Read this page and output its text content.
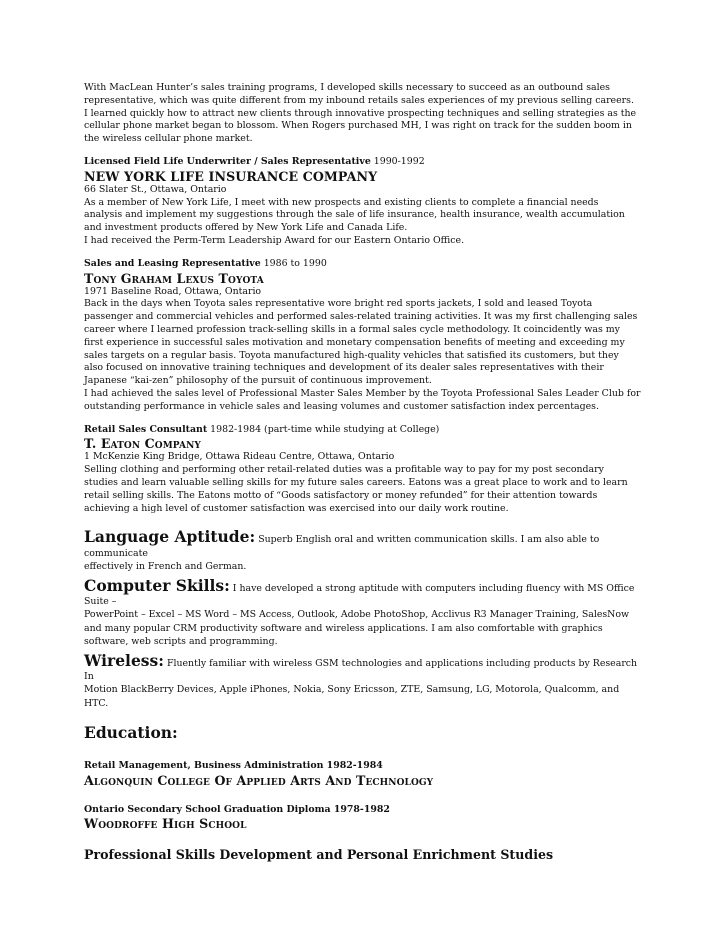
With MacLean Hunter’s sales training programs, I developed skills necessary to succeed as an outbound sales

representative, which was quite different from my inbound retails sales experiences of my previous selling careers.

I learned quickly how to attract new clients through innovative prospecting techniques and selling strategies as the

cellular phone market began to blossom. When Rogers purchased MH, I was right on track for the sudden boom in

the wireless cellular phone market.

Licensed Field Life Underwriter / Sales Representative 1990-1992

NEW YORK LIFE INSURANCE COMPANY

66 Slater St., Ottawa, Ontario

As a member of New York Life, I meet with new prospects and existing clients to complete a financial needs

analysis and implement my suggestions through the sale of life insurance, health insurance, wealth accumulation

and investment products offered by New York Life and Canada Life.

I had received the Perm-Term Leadership Award for our Eastern Ontario Office.

Sales and Leasing Representative 1986 to 1990

Tony Graham Lexus Toyota

1971 Baseline Road, Ottawa, Ontario

Back in the days when Toyota sales representative wore bright red sports jackets, I sold and leased Toyota

passenger and commercial vehicles and performed sales-related training activities. It was my first challenging sales

career where I learned profession track-selling skills in a formal sales cycle methodology. It coincidently was my

first experience in successful sales motivation and monetary compensation benefits of meeting and exceeding my

sales targets on a regular basis. Toyota manufactured high-quality vehicles that satisfied its customers, but they

also focused on innovative training techniques and development of its dealer sales representatives with their

Japanese “kai-zen” philosophy of the pursuit of continuous improvement.

I had achieved the sales level of Professional Master Sales Member by the Toyota Professional Sales Leader Club for

outstanding performance in vehicle sales and leasing volumes and customer satisfaction index percentages.

Retail Sales Consultant 1982-1984 (part-time while studying at College)

T. Eaton Company

1 McKenzie King Bridge, Ottawa Rideau Centre, Ottawa, Ontario

Selling clothing and performing other retail-related duties was a profitable way to pay for my post secondary

studies and learn valuable selling skills for my future sales careers. Eatons was a great place to work and to learn

retail selling skills. The Eatons motto of “Goods satisfactory or money refunded” for their attention towards

achieving a high level of customer satisfaction was exercised into our daily work routine.

Language Aptitude: Superb English oral and written communication skills. I am also able to communicate

effectively in French and German.

Computer Skills: I have developed a strong aptitude with computers including fluency with MS Office Suite –

PowerPoint – Excel – MS Word – MS Access, Outlook, Adobe PhotoShop, Acclivus R3 Manager Training, SalesNow

and many popular CRM productivity software and wireless applications. I am also comfortable with graphics

software, web scripts and programming.

Wireless: Fluently familiar with wireless GSM technologies and applications including products by Research In

Motion BlackBerry Devices, Apple iPhones, Nokia, Sony Ericsson, ZTE, Samsung, LG, Motorola, Qualcomm, and HTC.

Education:

Retail Management, Business Administration 1982-1984

Algonquin College Of Applied Arts And Technology

Ontario Secondary School Graduation Diploma 1978-1982

Woodroffe High School

Professional Skills Development and Personal Enrichment Studies
